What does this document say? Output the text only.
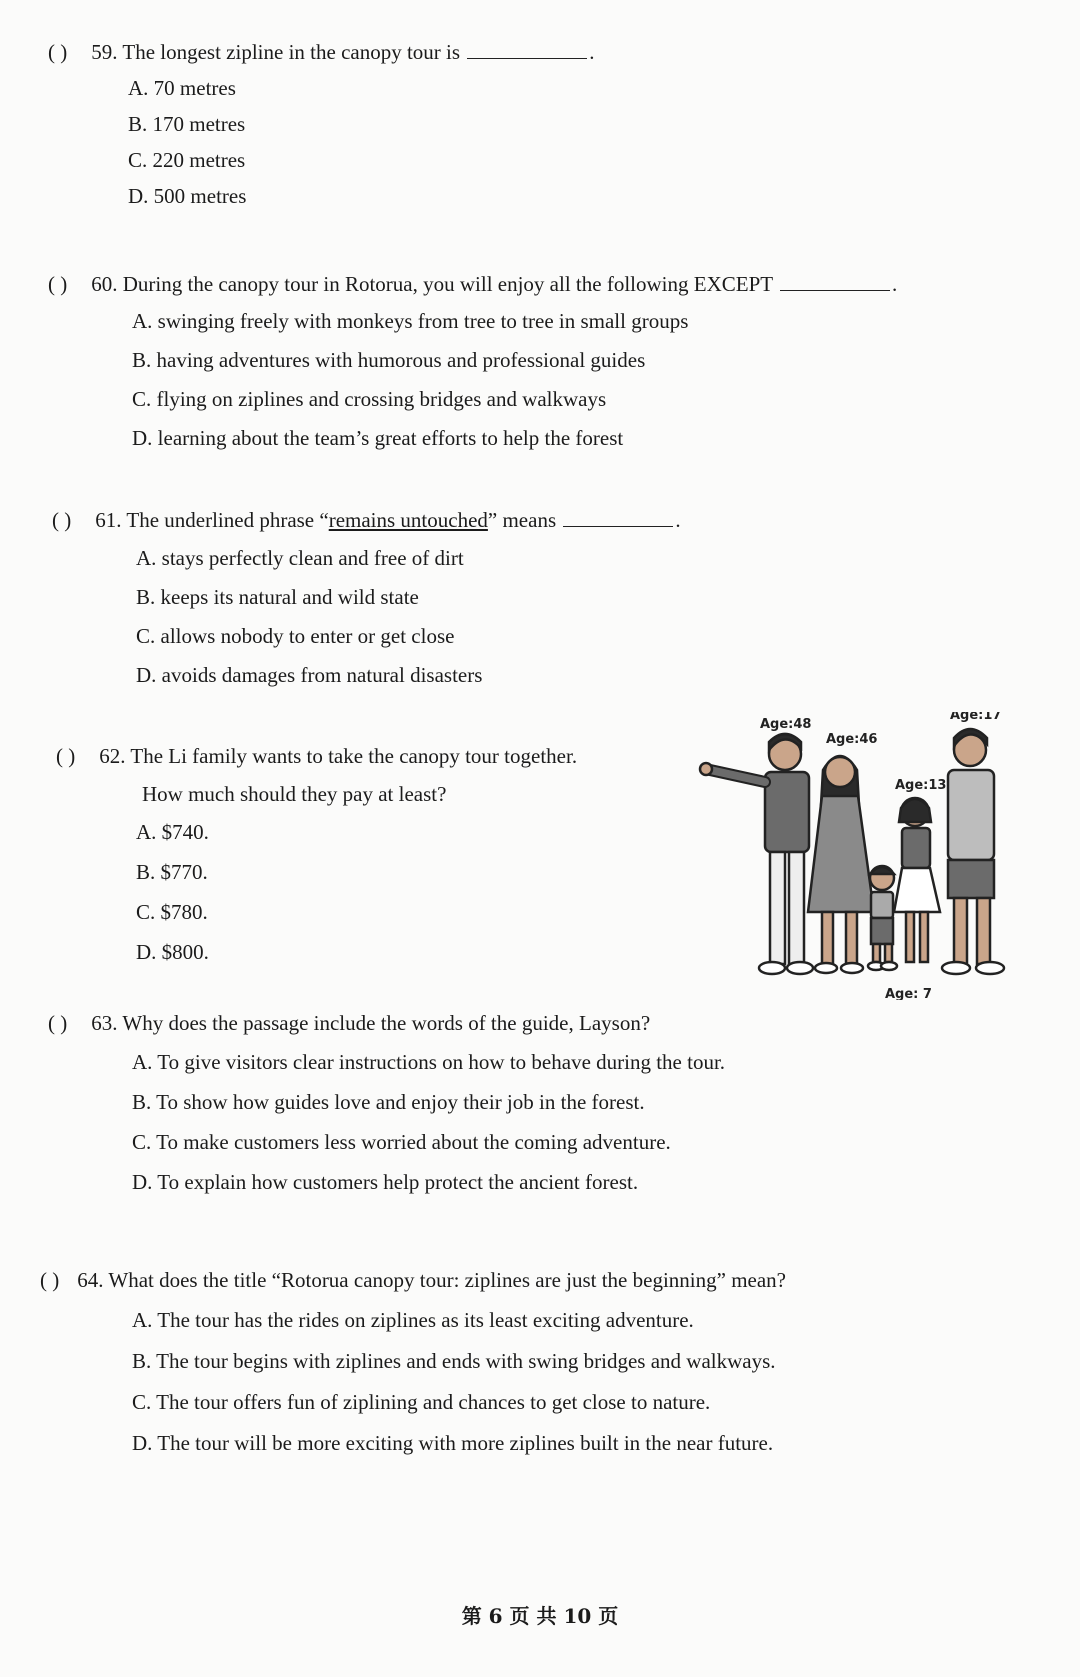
( ) 59. The longest zipline in the canopy tour is	.
A. 70 metres
B. 170 metres
C. 220 metres
D. 500 metres
( ) 60. During the canopy tour in Rotorua, you will enjoy all the following EXCEPT	.
A. swinging freely with monkeys from tree to tree in small groups
B. having adventures with humorous and professional guides
C. flying on ziplines and crossing bridges and walkways
D. learning about the team’s great efforts to help the forest
( ) 61. The underlined phrase “remains untouched” means	.
A. stays perfectly clean and free of dirt
B. keeps its natural and wild state
C. allows nobody to enter or get close
D. avoids damages from natural disasters
( ) 62. The Li family wants to take the canopy tour together.
How much should they pay at least?
A. $740.
B. $770.
C. $780.
D. $800.
Age:48
Age:46
Age:17
Age:13
Age: 7
( ) 63. Why does the passage include the words of the guide, Layson?
A. To give visitors clear instructions on how to behave during the tour.
B. To show how guides love and enjoy their job in the forest.
C. To make customers less worried about the coming adventure.
D. To explain how customers help protect the ancient forest.
( ) 64. What does the title “Rotorua canopy tour: ziplines are just the beginning” mean?
A. The tour has the rides on ziplines as its least exciting adventure.
B. The tour begins with ziplines and ends with swing bridges and walkways.
C. The tour offers fun of ziplining and chances to get close to nature.
D. The tour will be more exciting with more ziplines built in the near future.
第 6 页 共 10 页
